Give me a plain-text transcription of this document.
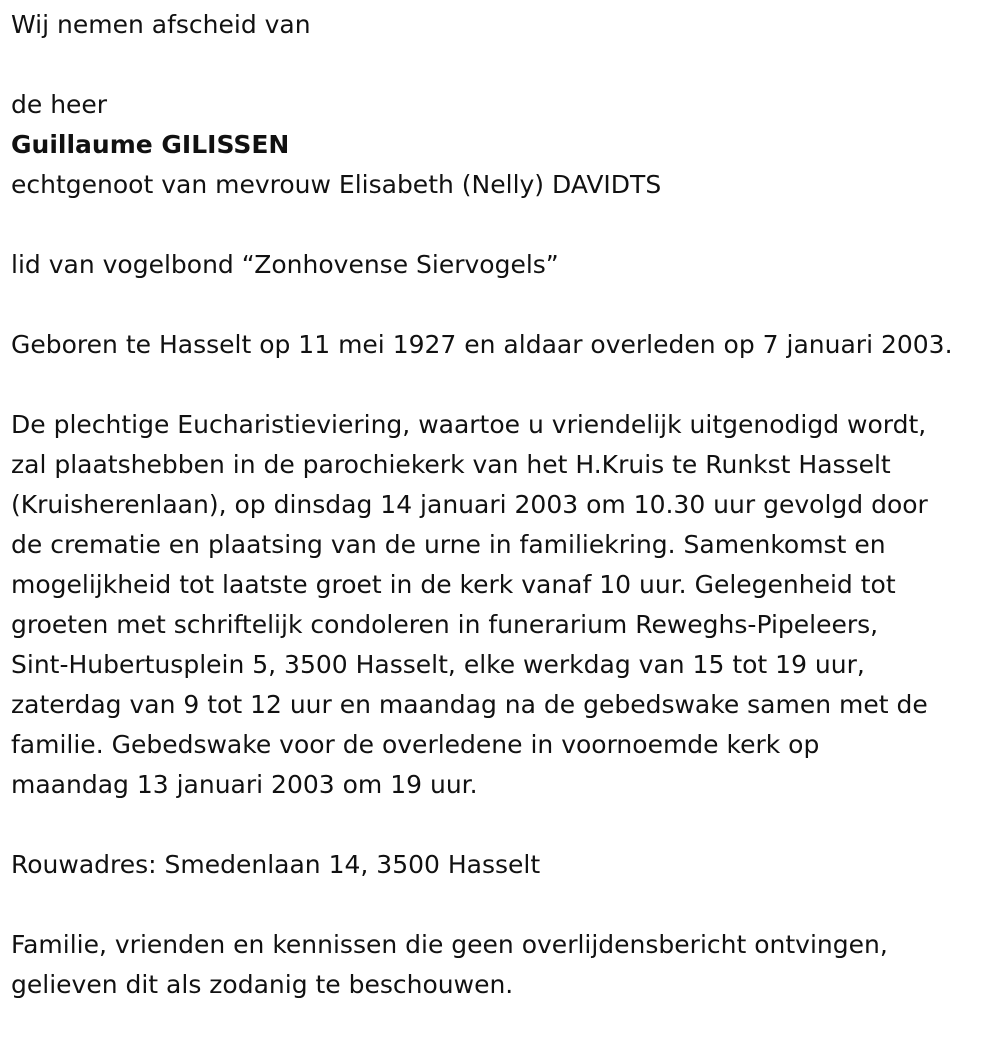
Wij nemen afscheid van
de heer
Guillaume GILISSEN
echtgenoot van mevrouw Elisabeth (Nelly) DAVIDTS
lid van vogelbond “Zonhovense Siervogels”
Geboren te Hasselt op 11 mei 1927 en aldaar overleden op 7 januari 2003.
De plechtige Eucharistieviering, waartoe u vriendelijk uitgenodigd wordt,
zal plaatshebben in de parochiekerk van het H.Kruis te Runkst Hasselt
(Kruisherenlaan), op dinsdag 14 januari 2003 om 10.30 uur gevolgd door
de crematie en plaatsing van de urne in familiekring. Samenkomst en
mogelijkheid tot laatste groet in de kerk vanaf 10 uur. Gelegenheid tot
groeten met schriftelijk condoleren in funerarium Reweghs-Pipeleers,
Sint-Hubertusplein 5, 3500 Hasselt, elke werkdag van 15 tot 19 uur,
zaterdag van 9 tot 12 uur en maandag na de gebedswake samen met de
familie. Gebedswake voor de overledene in voornoemde kerk op
maandag 13 januari 2003 om 19 uur.
Rouwadres: Smedenlaan 14, 3500 Hasselt
Familie, vrienden en kennissen die geen overlijdensbericht ontvingen,
gelieven dit als zodanig te beschouwen.
